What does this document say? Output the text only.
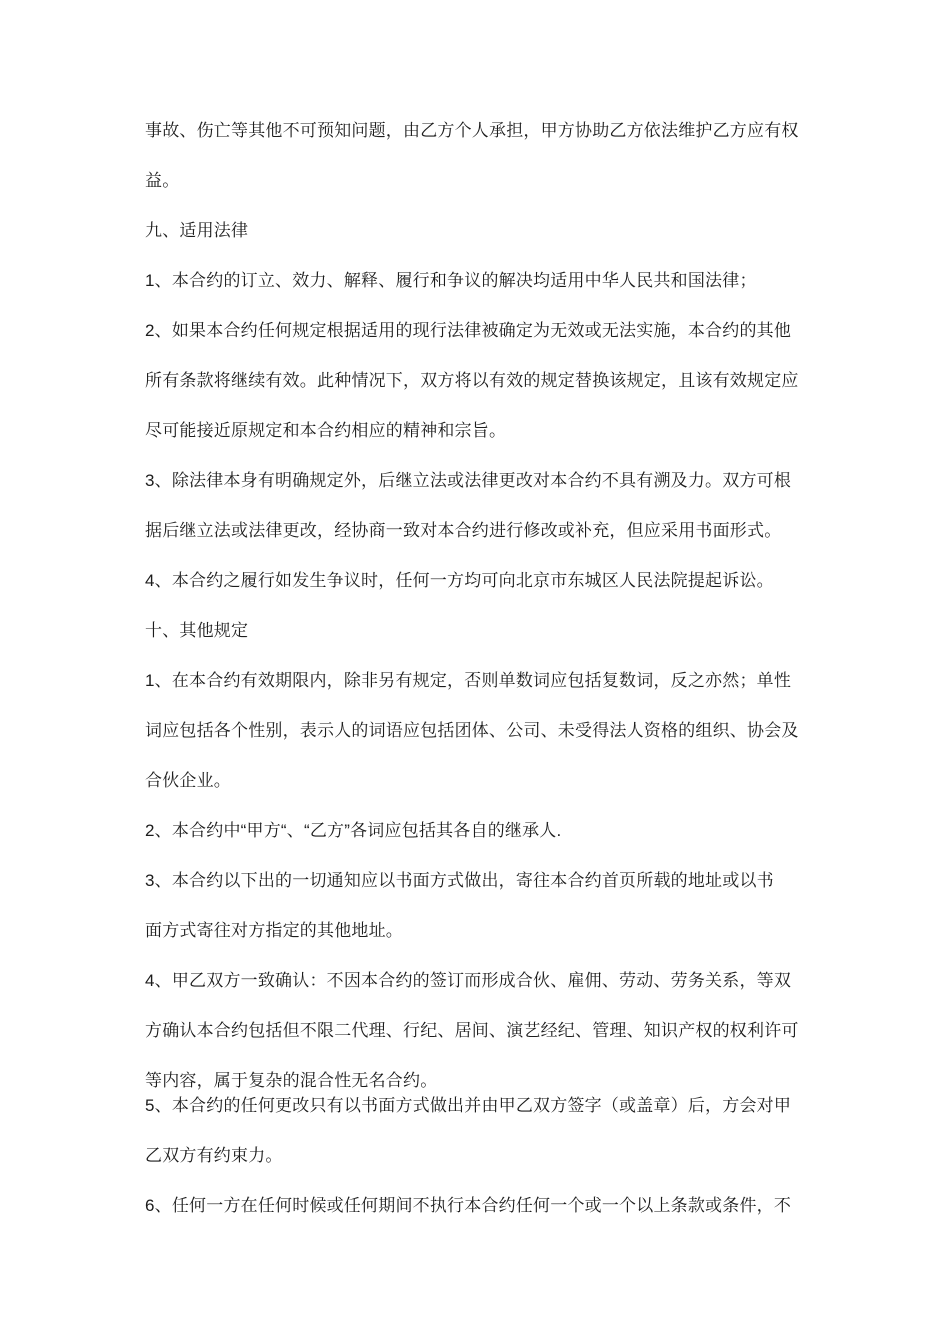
事故、伤亡等其他不可预知问题，由乙方个人承担，甲方协助乙方依法维护乙方应有权
益。
九、适用法律
1、本合约的订立、效力、解释、履行和争议的解决均适用中华人民共和国法律；
2、如果本合约任何规定根据适用的现行法律被确定为无效或无法实施，本合约的其他
所有条款将继续有效。此种情况下，双方将以有效的规定替换该规定，且该有效规定应
尽可能接近原规定和本合约相应的精神和宗旨。
3、除法律本身有明确规定外，后继立法或法律更改对本合约不具有溯及力。双方可根
据后继立法或法律更改，经协商一致对本合约进行修改或补充，但应采用书面形式。
4、本合约之履行如发生争议时，任何一方均可向北京市东城区人民法院提起诉讼。
十、其他规定
1、在本合约有效期限内，除非另有规定，否则单数词应包括复数词，反之亦然；单性
词应包括各个性别，表示人的词语应包括团体、公司、未受得法人资格的组织、协会及
合伙企业。
2、本合约中“甲方“、“乙方”各词应包括其各自的继承人.
3、本合约以下出的一切通知应以书面方式做出，寄往本合约首页所载的地址或以书
面方式寄往对方指定的其他地址。
4、甲乙双方一致确认：不因本合约的签订而形成合伙、雇佣、劳动、劳务关系，等双
方确认本合约包括但不限二代理、行纪、居间、演艺经纪、管理、知识产权的权利许可
等内容，属于复杂的混合性无名合约。
5、本合约的任何更改只有以书面方式做出并由甲乙双方签字（或盖章）后，方会对甲
乙双方有约束力。
6、任何一方在任何时候或任何期间不执行本合约任何一个或一个以上条款或条件，不
